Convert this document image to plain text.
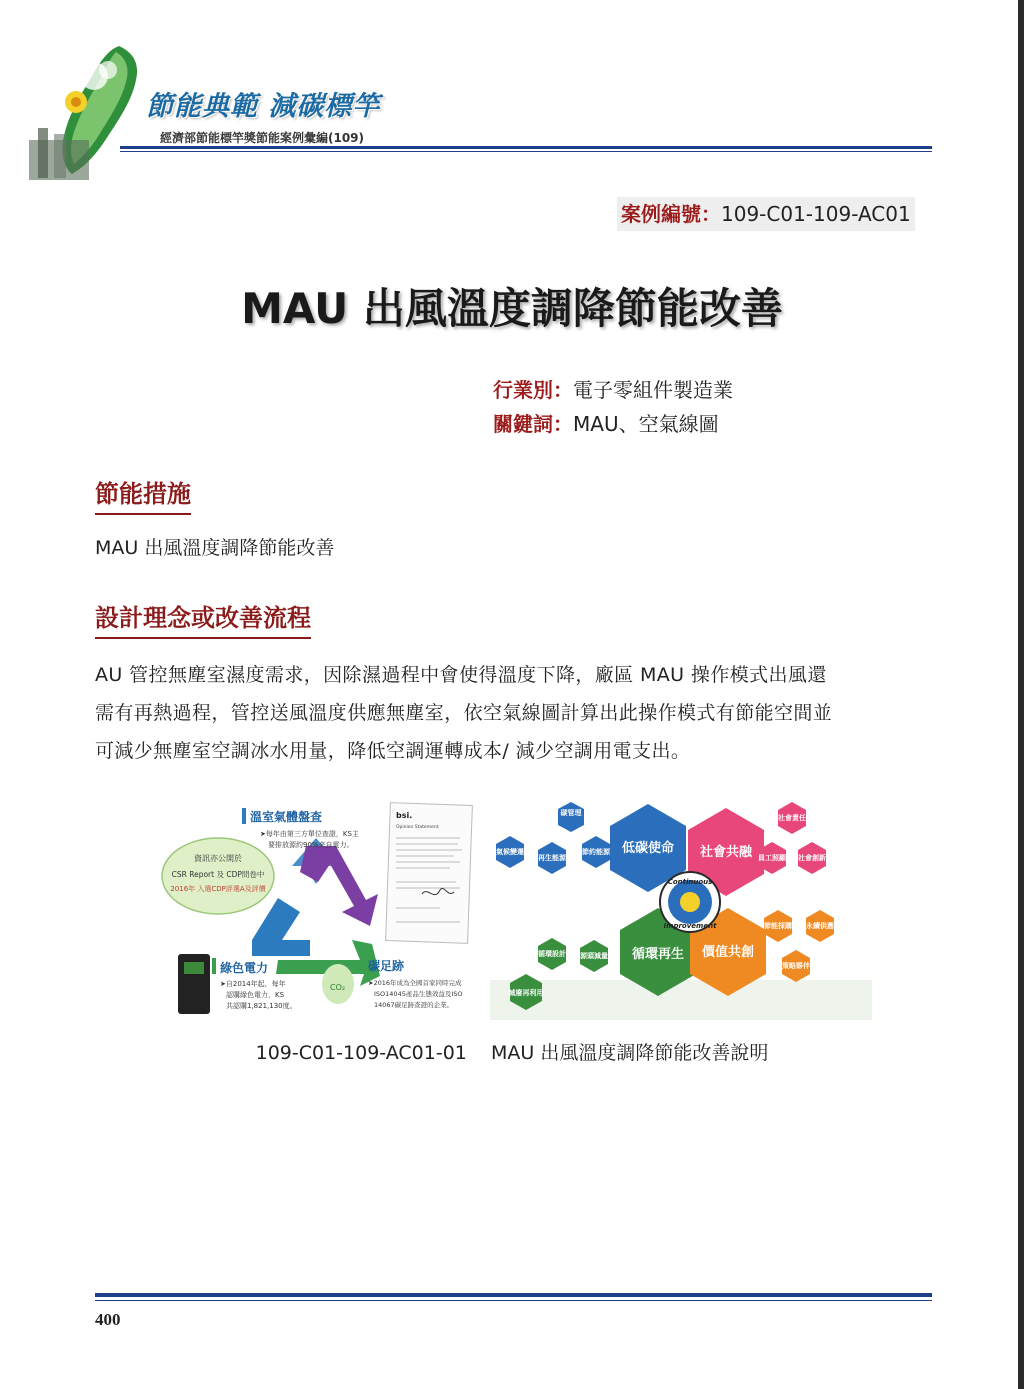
節能典範 減碳標竿
經濟部節能標竿獎節能案例彙編(109)
案例編號：109-C01-109-AC01
MAU 出風溫度調降節能改善
行業別：電子零組件製造業
關鍵詞：MAU、空氣線圖
節能措施
MAU 出風溫度調降節能改善
設計理念或改善流程
AU 管控無塵室濕度需求，因除濕過程中會使得溫度下降，廠區 MAU 操作模式出風還
需有再熱過程，管控送風溫度供應無塵室，依空氣線圖計算出此操作模式有節能空間並
可減少無塵室空調冰水用量，降低空調運轉成本/ 減少空調用電支出。
資訊亦公開於
CSR Report 及 CDP問卷中
2016年 入選CDP評選A及評價
溫室氣體盤查
➤每年由第三方單位查證，KS主
要排放源約90%來自電力。
bsi.
Opinion Statement
綠色電力
➤自2014年起，每年
認購綠色電力，KS
共認購1,821,130度。
CO₂
碳足跡
➤2016年成為全國首家同時完成
ISO14045產品生態效益及ISO
14067碳足跡查證的企業。
碳管理
氣候變遷
再生能源
節約能源 低碳使命 社會共融
社會責任
員工照顧 社會創新
循環再生
循環設計 源頭減量
減廢再利用
價值共創
節能採購 永續供應
策略夥伴
Continuous
Improvement
109-C01-109-AC01-01    MAU 出風溫度調降節能改善說明
400
